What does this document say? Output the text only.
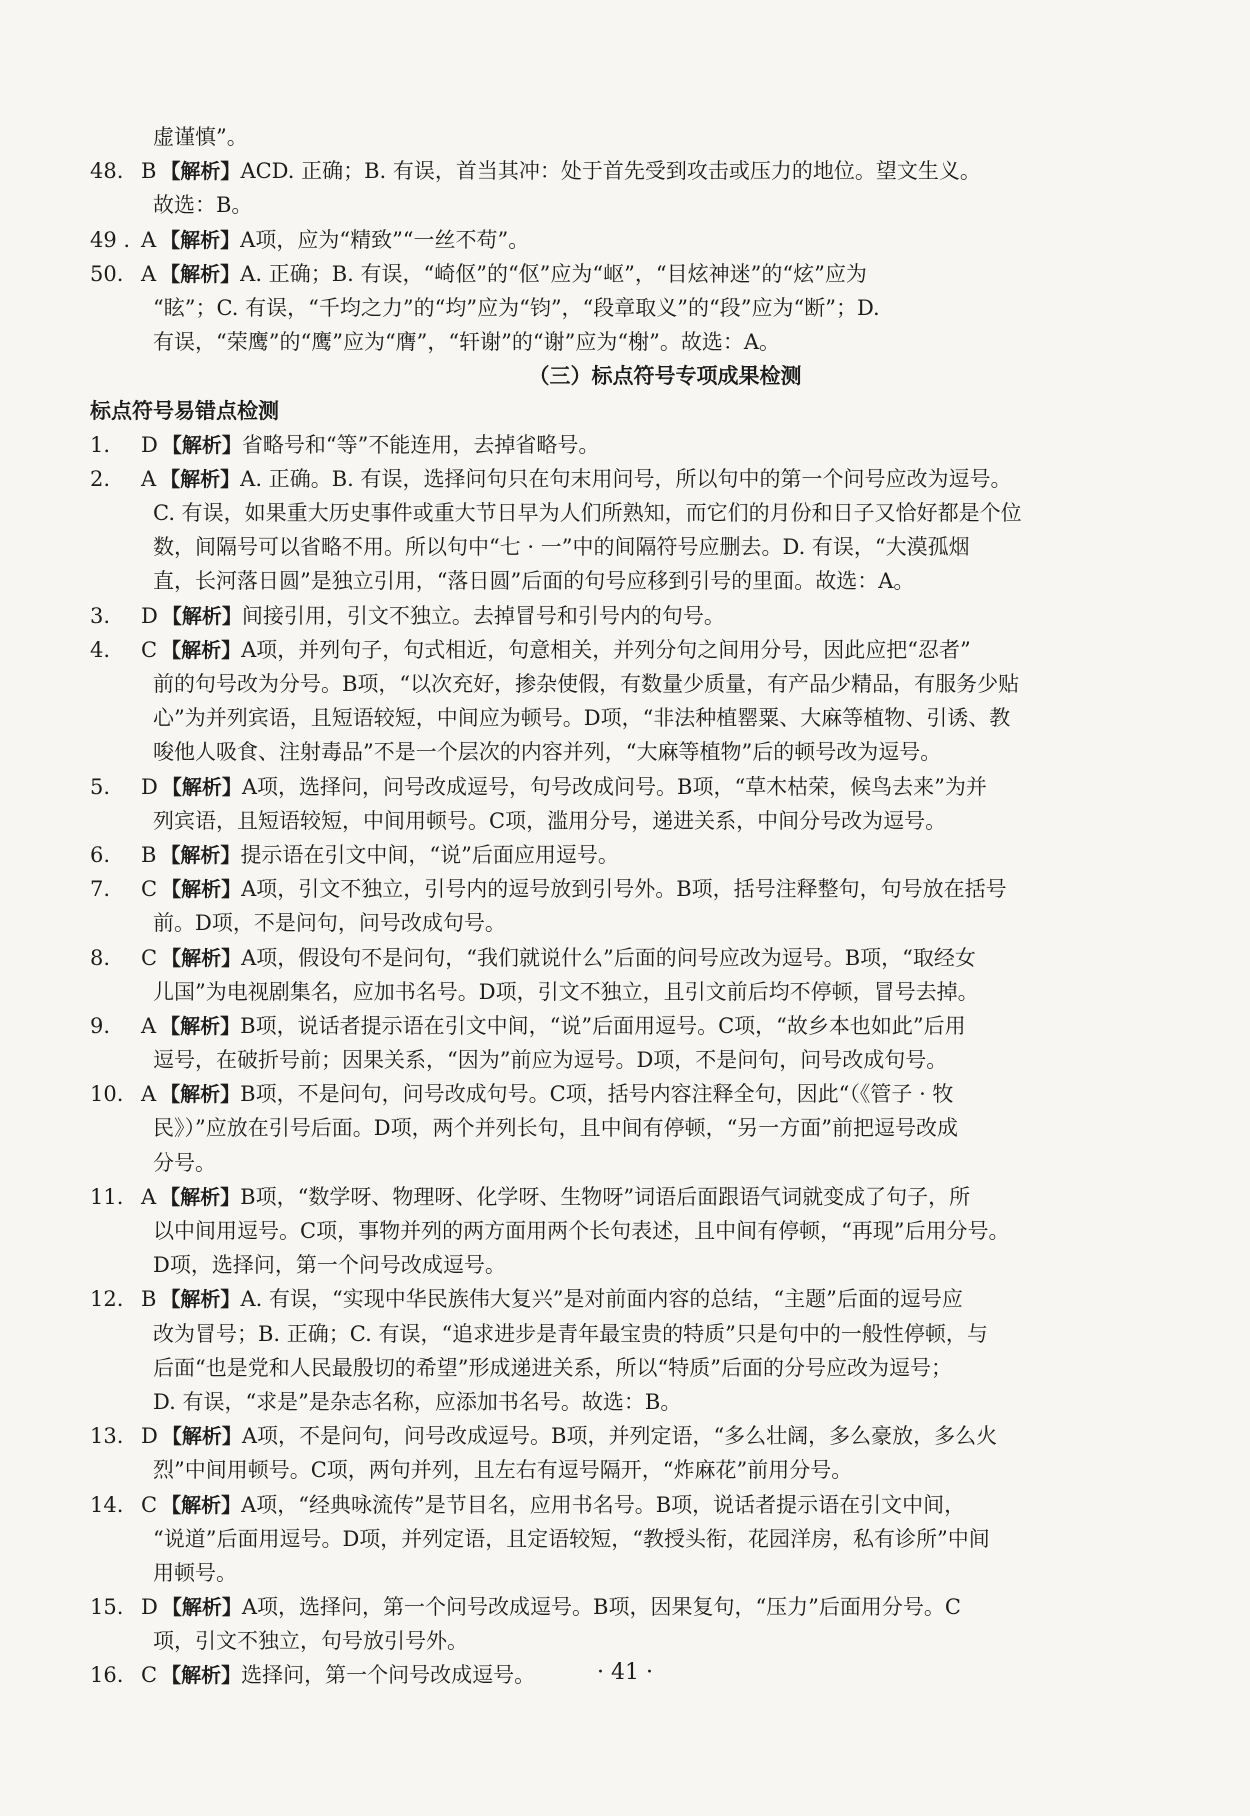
虚谨慎”。
48. B 【解析】ACD. 正确；B. 有误，首当其冲：处于首先受到攻击或压力的地位。望文生义。
故选：B。
49 . A 【解析】A项，应为“精致”“一丝不苟”。
50. A 【解析】A. 正确；B. 有误，“崎伛”的“伛”应为“岖”，“目炫神迷”的“炫”应为
“眩”；C. 有误，“千均之力”的“均”应为“钧”，“段章取义”的“段”应为“断”；D.
有误，“荣鹰”的“鹰”应为“膺”，“轩谢”的“谢”应为“榭”。故选：A。
（三）标点符号专项成果检测
标点符号易错点检测
1. D 【解析】省略号和“等”不能连用，去掉省略号。
2. A 【解析】A. 正确。B. 有误，选择问句只在句末用问号，所以句中的第一个问号应改为逗号。
C. 有误，如果重大历史事件或重大节日早为人们所熟知，而它们的月份和日子又恰好都是个位
数，间隔号可以省略不用。所以句中“七 · 一”中的间隔符号应删去。D. 有误，“大漠孤烟
直，长河落日圆”是独立引用，“落日圆”后面的句号应移到引号的里面。故选：A。
3. D 【解析】间接引用，引文不独立。去掉冒号和引号内的句号。
4. C 【解析】A项，并列句子，句式相近，句意相关，并列分句之间用分号，因此应把“忍者”
前的句号改为分号。B项，“以次充好，掺杂使假，有数量少质量，有产品少精品，有服务少贴
心”为并列宾语，且短语较短，中间应为顿号。D项，“非法种植罂粟、大麻等植物、引诱、教
唆他人吸食、注射毒品”不是一个层次的内容并列，“大麻等植物”后的顿号改为逗号。
5. D 【解析】A项，选择问，问号改成逗号，句号改成问号。B项，“草木枯荣，候鸟去来”为并
列宾语，且短语较短，中间用顿号。C项，滥用分号，递进关系，中间分号改为逗号。
6. B 【解析】提示语在引文中间，“说”后面应用逗号。
7. C 【解析】A项，引文不独立，引号内的逗号放到引号外。B项，括号注释整句，句号放在括号
前。D项，不是问句，问号改成句号。
8. C 【解析】A项，假设句不是问句，“我们就说什么”后面的问号应改为逗号。B项，“取经女
儿国”为电视剧集名，应加书名号。D项，引文不独立，且引文前后均不停顿，冒号去掉。
9. A 【解析】B项，说话者提示语在引文中间，“说”后面用逗号。C项，“故乡本也如此”后用
逗号，在破折号前；因果关系，“因为”前应为逗号。D项，不是问句，问号改成句号。
10. A 【解析】B项，不是问句，问号改成句号。C项，括号内容注释全句，因此“（《管子 · 牧
民》）”应放在引号后面。D项，两个并列长句，且中间有停顿，“另一方面”前把逗号改成
分号。
11. A 【解析】B项，“数学呀、物理呀、化学呀、生物呀”词语后面跟语气词就变成了句子，所
以中间用逗号。C项，事物并列的两方面用两个长句表述，且中间有停顿，“再现”后用分号。
D项，选择问，第一个问号改成逗号。
12. B 【解析】A. 有误，“实现中华民族伟大复兴”是对前面内容的总结，“主题”后面的逗号应
改为冒号；B. 正确；C. 有误，“追求进步是青年最宝贵的特质”只是句中的一般性停顿，与
后面“也是党和人民最殷切的希望”形成递进关系，所以“特质”后面的分号应改为逗号；
D. 有误，“求是”是杂志名称，应添加书名号。故选：B。
13. D 【解析】A项，不是问句，问号改成逗号。B项，并列定语，“多么壮阔，多么豪放，多么火
烈”中间用顿号。C项，两句并列，且左右有逗号隔开，“炸麻花”前用分号。
14. C 【解析】A项，“经典咏流传”是节目名，应用书名号。B项，说话者提示语在引文中间，
“说道”后面用逗号。D项，并列定语，且定语较短，“教授头衔，花园洋房，私有诊所”中间
用顿号。
15. D 【解析】A项，选择问，第一个问号改成逗号。B项，因果复句，“压力”后面用分号。C
项，引文不独立，句号放引号外。
16. C 【解析】选择问，第一个问号改成逗号。	· 41 ·
